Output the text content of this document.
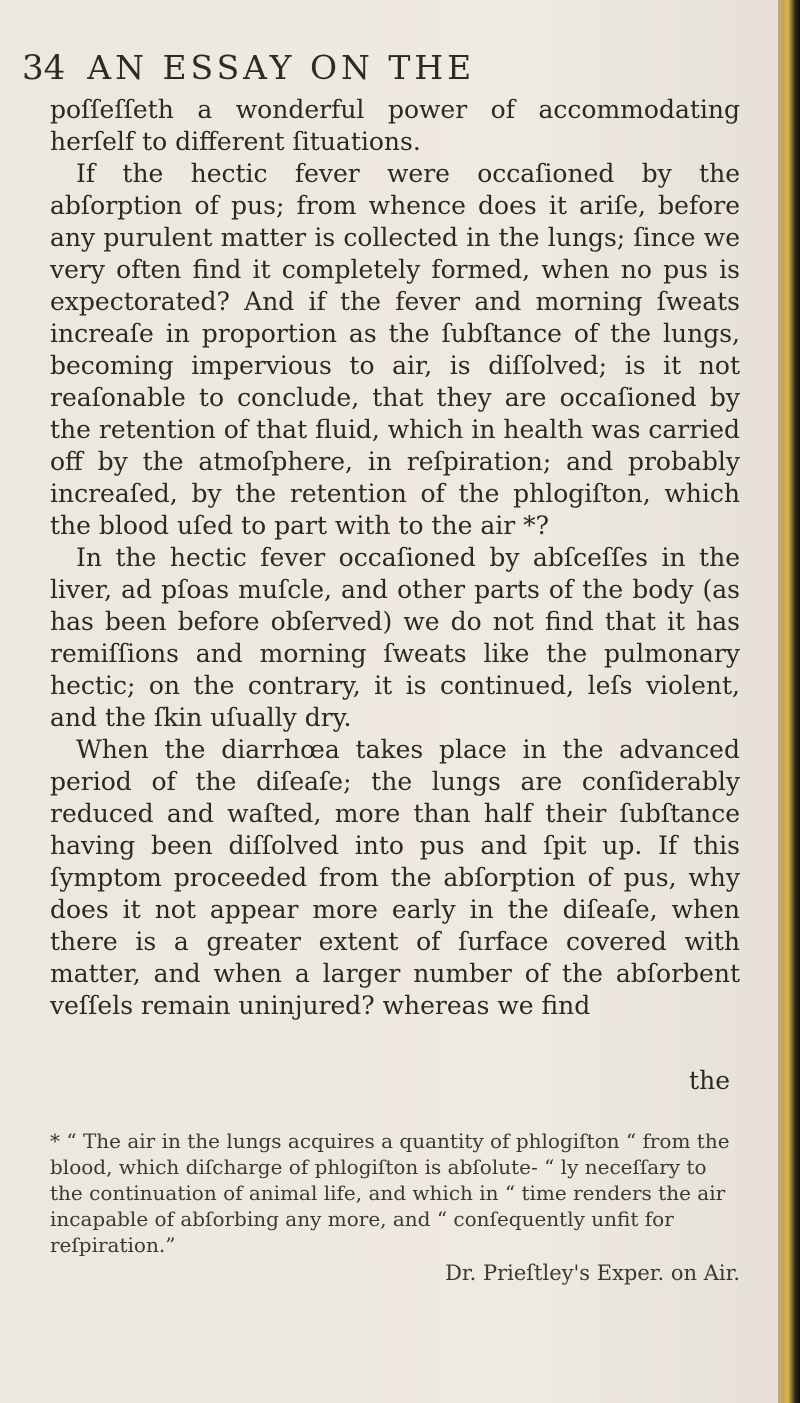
34 AN ESSAY ON THE

poſſeſſeth a wonderful power of accommodating herſelf to different ſituations.

If the hectic fever were occaſioned by the abſorption of pus; from whence does it ariſe, before any purulent matter is collected in the lungs; ſince we very often find it completely formed, when no pus is expectorated? And if the fever and morning ſweats increaſe in proportion as the ſubſtance of the lungs, becoming impervious to air, is diſſolved; is it not reaſonable to conclude, that they are occaſioned by the retention of that fluid, which in health was carried off by the atmoſphere, in reſpiration; and probably increaſed, by the retention of the phlogiſton, which the blood uſed to part with to the air *?

In the hectic fever occaſioned by abſceſſes in the liver, ad pſoas muſcle, and other parts of the body (as has been before obſerved) we do not find that it has remiſſions and morning ſweats like the pulmonary hectic; on the contrary, it is continued, leſs violent, and the ſkin uſually dry.

When the diarrhœa takes place in the advanced period of the diſeaſe; the lungs are conſiderably reduced and waſted, more than half their ſubſtance having been diſſolved into pus and ſpit up. If this ſymptom proceeded from the abſorption of pus, why does it not appear more early in the diſeaſe, when there is a greater extent of ſurface covered with matter, and when a larger number of the abſorbent veſſels remain uninjured? whereas we find

the

* “ The air in the lungs acquires a quantity of phlogiſton “ from the blood, which diſcharge of phlogiſton is abſolute- “ ly neceſſary to the continuation of animal life, and which in “ time renders the air incapable of abſorbing any more, and “ conſequently unfit for reſpiration.”

Dr. Prieſtley's Exper. on Air.
